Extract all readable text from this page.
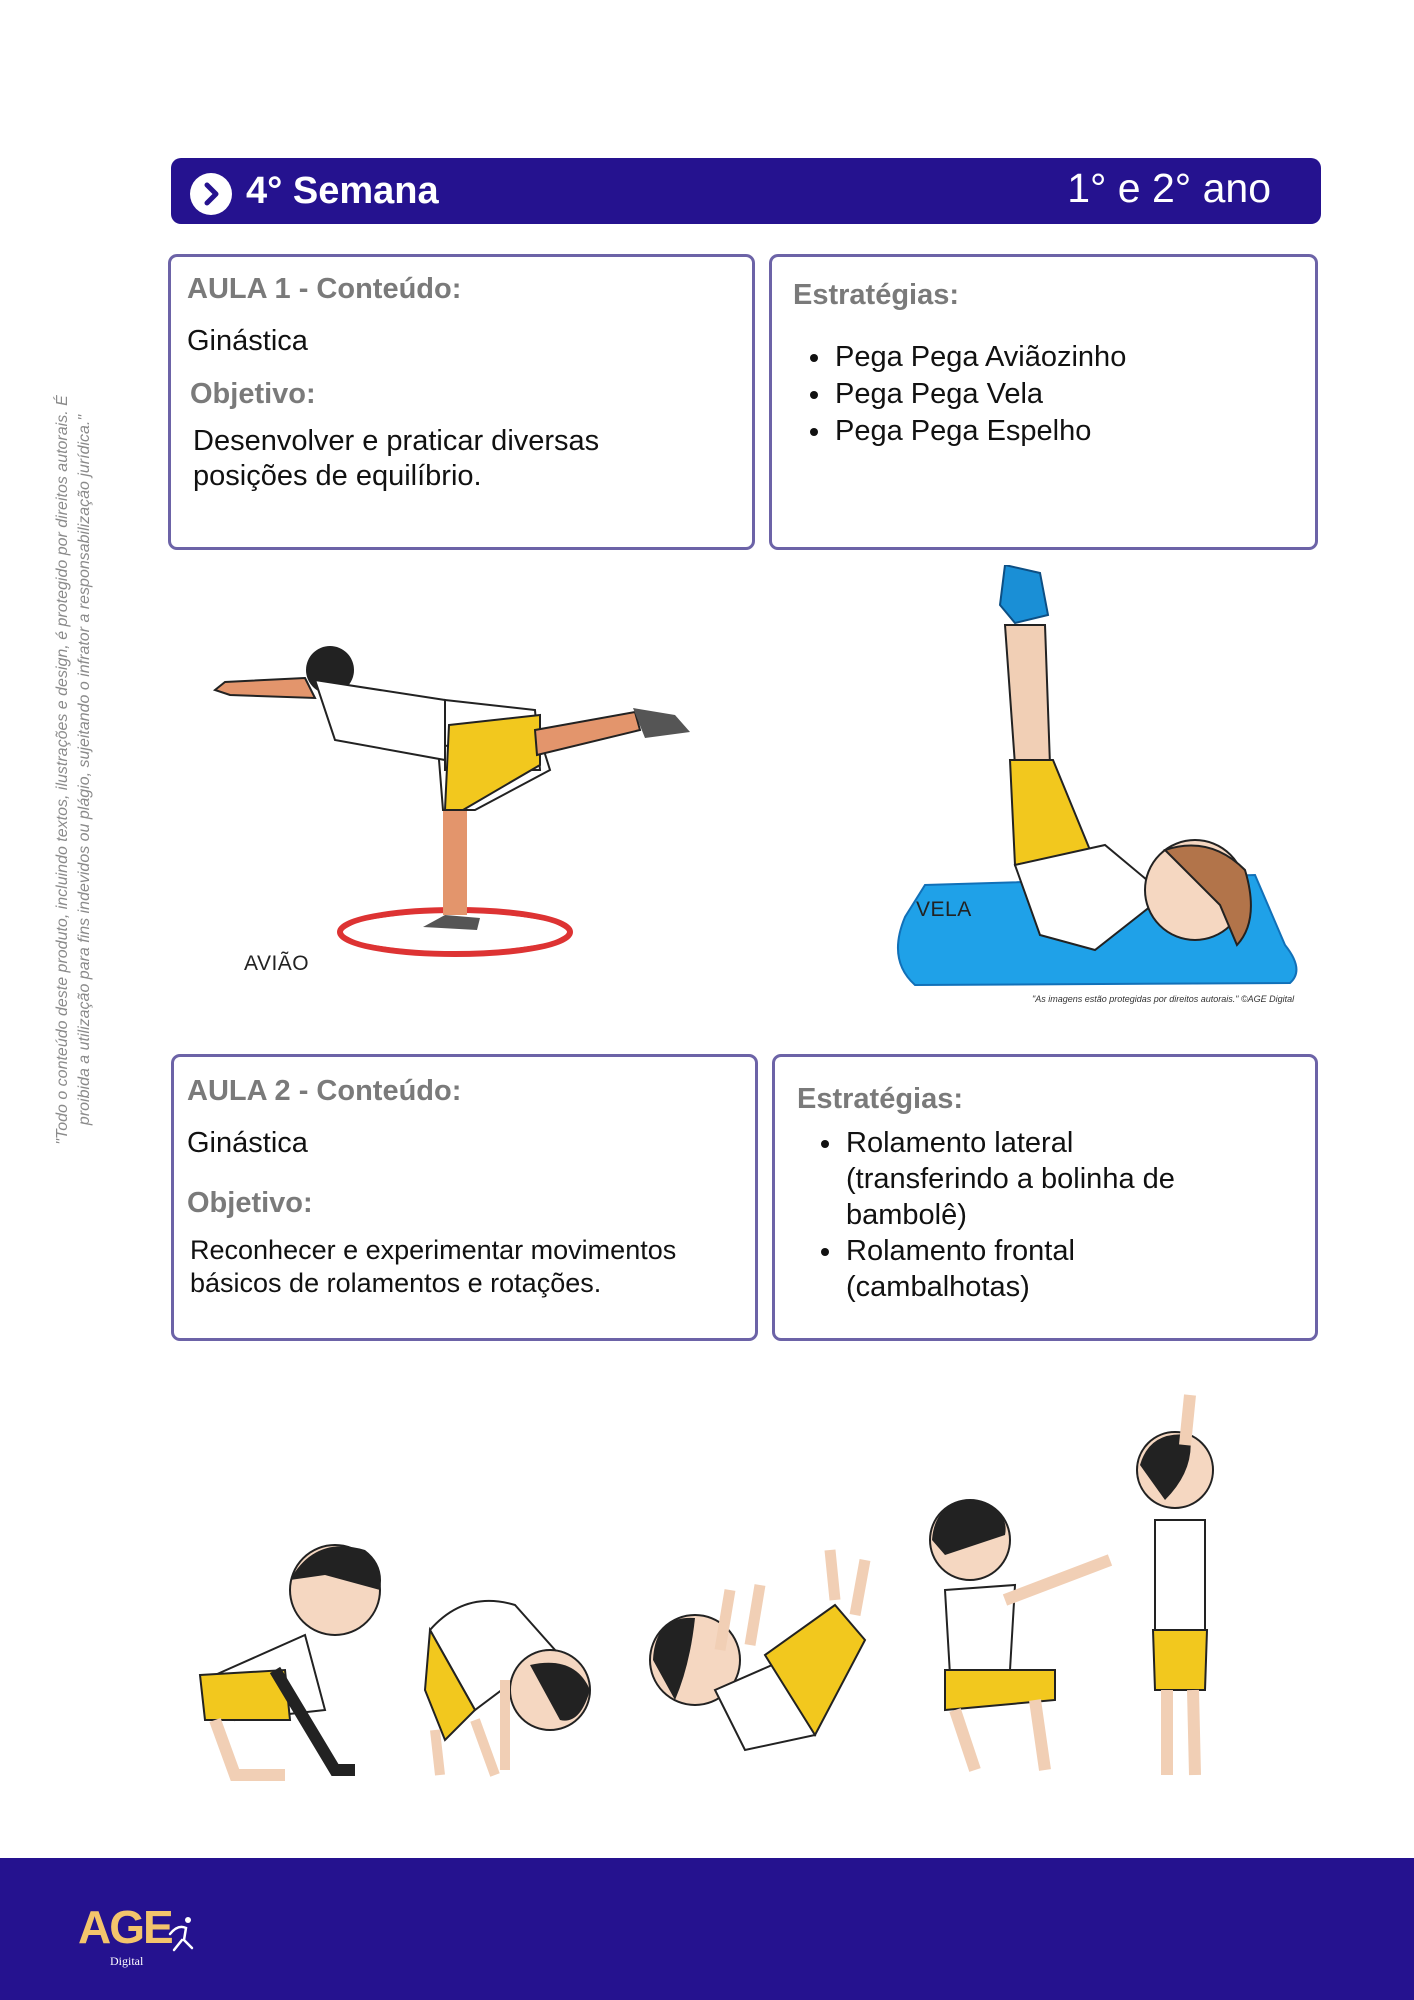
4° Semana	1° e 2° ano
AULA 1 - Conteúdo:
Ginástica
Objetivo:
Desenvolver e praticar diversas
posições de equilíbrio.
Estratégias:
• Pega Pega Aviãozinho
• Pega Pega Vela
• Pega Pega Espelho
AVIÃO
VELA
"As imagens estão protegidas por direitos autorais." ©AGE Digital
AULA 2 - Conteúdo:
Ginástica
Objetivo:
Reconhecer e experimentar movimentos
básicos de rolamentos e rotações.
Estratégias:
• Rolamento lateral
(transferindo a bolinha de
bambolê)
• Rolamento frontal
(cambalhotas)
"Todo o conteúdo deste produto, incluindo textos, ilustrações e design, é protegido por direitos autorais. É proibida a utilização para fins indevidos ou plágio, sujeitando o infrator a responsabilização jurídica."
AGE
Digital
